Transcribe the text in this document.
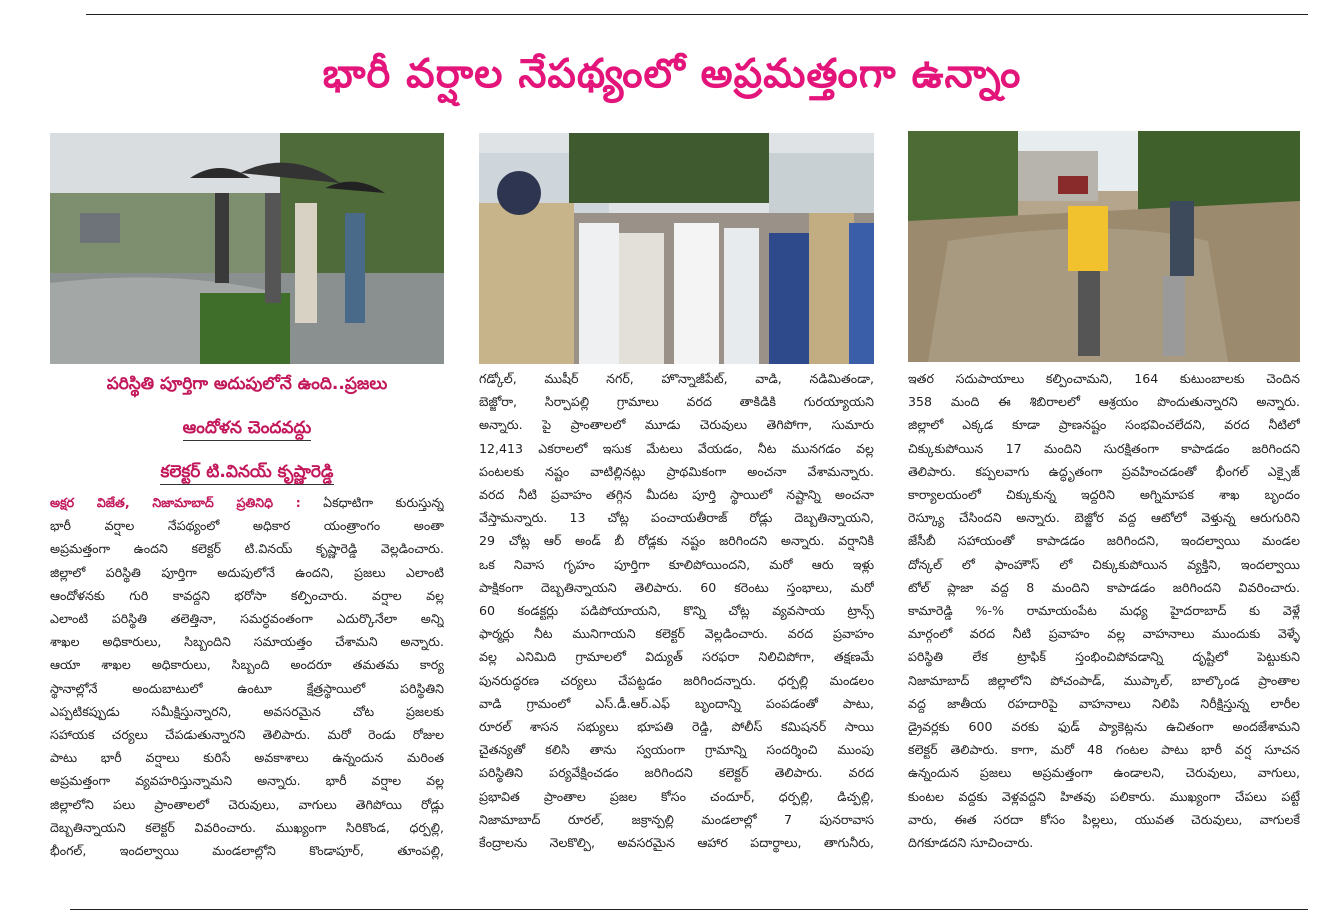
భారీ వర్షాల నేపథ్యంలో అప్రమత్తంగా ఉన్నాం
పరిస్థితి పూర్తిగా అదుపులోనే ఉంది..ప్రజలు
ఆందోళన చెందవద్దు
కలెక్టర్ టి.వినయ్ కృష్ణారెడ్డి
అక్షర విజేత, నిజామాబాద్ ప్రతినిధి : ఏకధాటిగా కురుస్తున్న
భారీ వర్షాల నేపథ్యంలో అధికార యంత్రాంగం అంతా
అప్రమత్తంగా ఉందని కలెక్టర్ టి.వినయ్ కృష్ణారెడ్డి వెల్లడించారు.
జిల్లాలో పరిస్థితి పూర్తిగా అదుపులోనే ఉందని, ప్రజలు ఎలాంటి
ఆందోళనకు గురి కావద్దని భరోసా కల్పించారు. వర్షాల వల్ల
ఎలాంటి పరిస్థితి తలెత్తినా, సమర్ధవంతంగా ఎదుర్కొనేలా అన్ని
శాఖల అధికారులు, సిబ్బందిని సమాయత్తం చేశామని అన్నారు.
ఆయా శాఖల అధికారులు, సిబ్బంది అందరూ తమతమ కార్య
స్థానాల్లోనే అందుబాటులో ఉంటూ క్షేత్రస్థాయిలో పరిస్థితిని
ఎప్పటికప్పుడు సమీక్షిస్తున్నారని, అవసరమైన చోట ప్రజలకు
సహాయక చర్యలు చేపడుతున్నారని తెలిపారు. మరో రెండు రోజుల
పాటు భారీ వర్షాలు కురిసే అవకాశాలు ఉన్నందున మరింత
అప్రమత్తంగా వ్యవహరిస్తున్నామని అన్నారు. భారీ వర్షాల వల్ల
జిల్లాలోని పలు ప్రాంతాలలో చెరువులు, వాగులు తెగిపోయి రోడ్లు
దెబ్బతిన్నాయని కలెక్టర్ వివరించారు. ముఖ్యంగా సిరికొండ, ధర్పల్లి,
భీంగల్, ఇందల్వాయి మండలాల్లోని కొండాపూర్, తూంపల్లి,
గడ్కోల్, ముషీర్ నగర్, హొన్నాజీపేట్, వాడి, నడిమితండా,
బెజ్జోరా, సిర్పాపల్లి గ్రామాలు వరద తాకిడికి గురయ్యాయని
అన్నారు. పై ప్రాంతాలలో మూడు చెరువులు తెగిపోగా, సుమారు
12,413 ఎకరాలలో ఇసుక మేటలు వేయడం, నీట మునగడం వల్ల
పంటలకు నష్టం వాటిల్లినట్లు ప్రాథమికంగా అంచనా వేశామన్నారు.
వరద నీటి ప్రవాహం తగ్గిన మీదట పూర్తి స్థాయిలో నష్టాన్ని అంచనా
వేస్తామన్నారు. 13 చోట్ల పంచాయతీరాజ్ రోడ్లు దెబ్బతిన్నాయని,
29 చోట్ల ఆర్ అండ్ బీ రోడ్లకు నష్టం జరిగిందని అన్నారు. వర్షానికి
ఒక నివాస గృహం పూర్తిగా కూలిపోయిందని, మరో ఆరు ఇళ్లు
పాక్షికంగా దెబ్బతిన్నాయని తెలిపారు. 60 కరెంటు స్తంభాలు, మరో
60 కండక్టర్లు పడిపోయాయని, కొన్ని చోట్ల వ్యవసాయ ట్రాన్స్
ఫార్మర్లు నీట మునిగాయని కలెక్టర్ వెల్లడించారు. వరద ప్రవాహం
వల్ల ఎనిమిది గ్రామాలలో విద్యుత్ సరఫరా నిలిచిపోగా, తక్షణమే
పునరుద్ధరణ చర్యలు చేపట్టడం జరిగిందన్నారు. ధర్పల్లి మండలం
వాడి గ్రామంలో ఎస్.డీ.ఆర్.ఎఫ్ బృందాన్ని పంపడంతో పాటు,
రూరల్ శాసన సభ్యులు భూపతి రెడ్డి, పోలీస్ కమిషనర్ సాయి
చైతన్యతో కలిసి తాను స్వయంగా గ్రామాన్ని సందర్శించి ముంపు
పరిస్థితిని పర్యవేక్షించడం జరిగిందని కలెక్టర్ తెలిపారు. వరద
ప్రభావిత ప్రాంతాల ప్రజల కోసం చందూర్, ధర్పల్లి, డిచ్పల్లి,
నిజామాబాద్ రూరల్, జక్రాన్పల్లి మండలాల్లో 7 పునరావాస
కేంద్రాలను నెలకొల్పి, అవసరమైన ఆహార పదార్థాలు, తాగునీరు,
ఇతర సదుపాయాలు కల్పించామని, 164 కుటుంబాలకు చెందిన
358 మంది ఈ శిబిరాలలో ఆశ్రయం పొందుతున్నారని అన్నారు.
జిల్లాలో ఎక్కడ కూడా ప్రాణనష్టం సంభవించలేదని, వరద నీటిలో
చిక్కుకుపోయిన 17 మందిని సురక్షితంగా కాపాడడం జరిగిందని
తెలిపారు. కప్పలవాగు ఉద్ధృతంగా ప్రవహించడంతో భీంగల్ ఎక్సైజ్
కార్యాలయంలో చిక్కుకున్న ఇద్దరిని అగ్నిమాపక శాఖ బృందం
రెస్క్యూ చేసిందని అన్నారు. బెజ్జోర వద్ద ఆటోలో వెళ్తున్న ఆరుగురిని
జేసీబీ సహాయంతో కాపాడడం జరిగిందని, ఇందల్వాయి మండల
దోన్కల్ లో ఫాంహౌస్ లో చిక్కుకుపోయిన వ్యక్తిని, ఇందల్వాయి
టోల్ ప్లాజా వద్ద 8 మందిని కాపాడడం జరిగిందని వివరించారు.
కామారెడ్డి %-% రామాయంపేట మధ్య హైదరాబాద్ కు వెళ్లే
మార్గంలో వరద నీటి ప్రవాహం వల్ల వాహనాలు ముందుకు వెళ్ళే
పరిస్థితి లేక ట్రాఫిక్ స్తంభించిపోవడాన్ని దృష్టిలో పెట్టుకుని
నిజామాబాద్ జిల్లాలోని పోచంపాడ్, ముప్కాల్, బాల్కొండ ప్రాంతాల
వద్ద జాతీయ రహదారిపై వాహనాలు నిలిపి నిరీక్షిస్తున్న లారీల
డ్రైవర్లకు 600 వరకు ఫుడ్ ప్యాకెట్లను ఉచితంగా అందజేశామని
కలెక్టర్ తెలిపారు. కాగా, మరో 48 గంటల పాటు భారీ వర్ష సూచన
ఉన్నందున ప్రజలు అప్రమత్తంగా ఉండాలని, చెరువులు, వాగులు,
కుంటల వద్దకు వెళ్లవద్దని హితవు పలికారు. ముఖ్యంగా చేపలు పట్టే
వారు, ఈత సరదా కోసం పిల్లలు, యువత చెరువులు, వాగులకే
దిగకూడదని సూచించారు.
